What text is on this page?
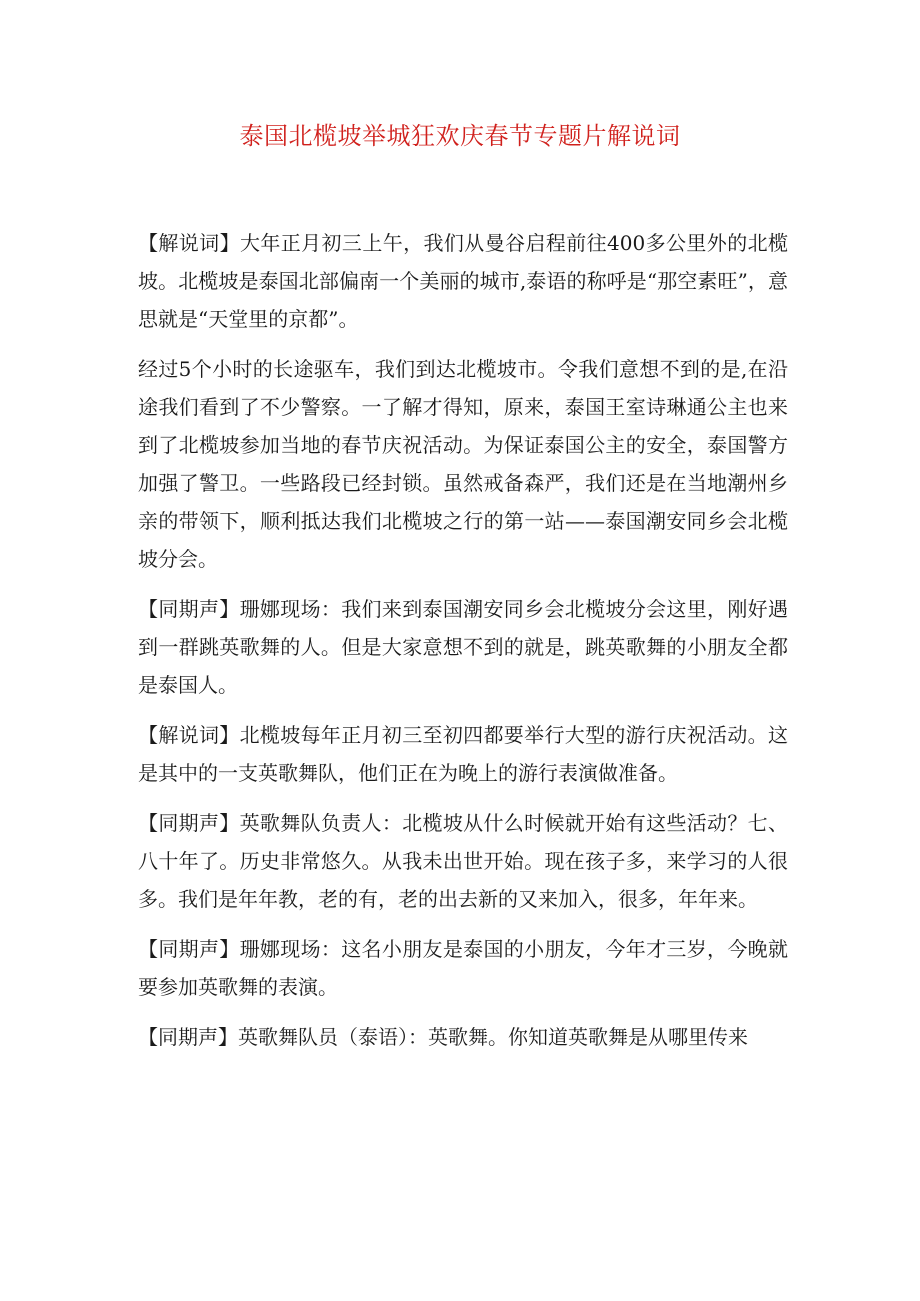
泰国北榄坡举城狂欢庆春节专题片解说词

【解说词】大年正月初三上午，我们从曼谷启程前往400多公里外的北榄坡。北榄坡是泰国北部偏南一个美丽的城市,泰语的称呼是“那空素旺”，意思就是“天堂里的京都”。

经过5个小时的长途驱车，我们到达北榄坡市。令我们意想不到的是,在沿途我们看到了不少警察。一了解才得知，原来，泰国王室诗琳通公主也来到了北榄坡参加当地的春节庆祝活动。为保证泰国公主的安全，泰国警方加强了警卫。一些路段已经封锁。虽然戒备森严，我们还是在当地潮州乡亲的带领下，顺利抵达我们北榄坡之行的第一站——泰国潮安同乡会北榄坡分会。

【同期声】珊娜现场：我们来到泰国潮安同乡会北榄坡分会这里，刚好遇到一群跳英歌舞的人。但是大家意想不到的就是，跳英歌舞的小朋友全都是泰国人。

【解说词】北榄坡每年正月初三至初四都要举行大型的游行庆祝活动。这是其中的一支英歌舞队，他们正在为晚上的游行表演做准备。

【同期声】英歌舞队负责人：北榄坡从什么时候就开始有这些活动？七、八十年了。历史非常悠久。从我未出世开始。现在孩子多，来学习的人很多。我们是年年教，老的有，老的出去新的又来加入，很多，年年来。

【同期声】珊娜现场：这名小朋友是泰国的小朋友，今年才三岁，今晚就要参加英歌舞的表演。

【同期声】英歌舞队员（泰语）：英歌舞。你知道英歌舞是从哪里传来
